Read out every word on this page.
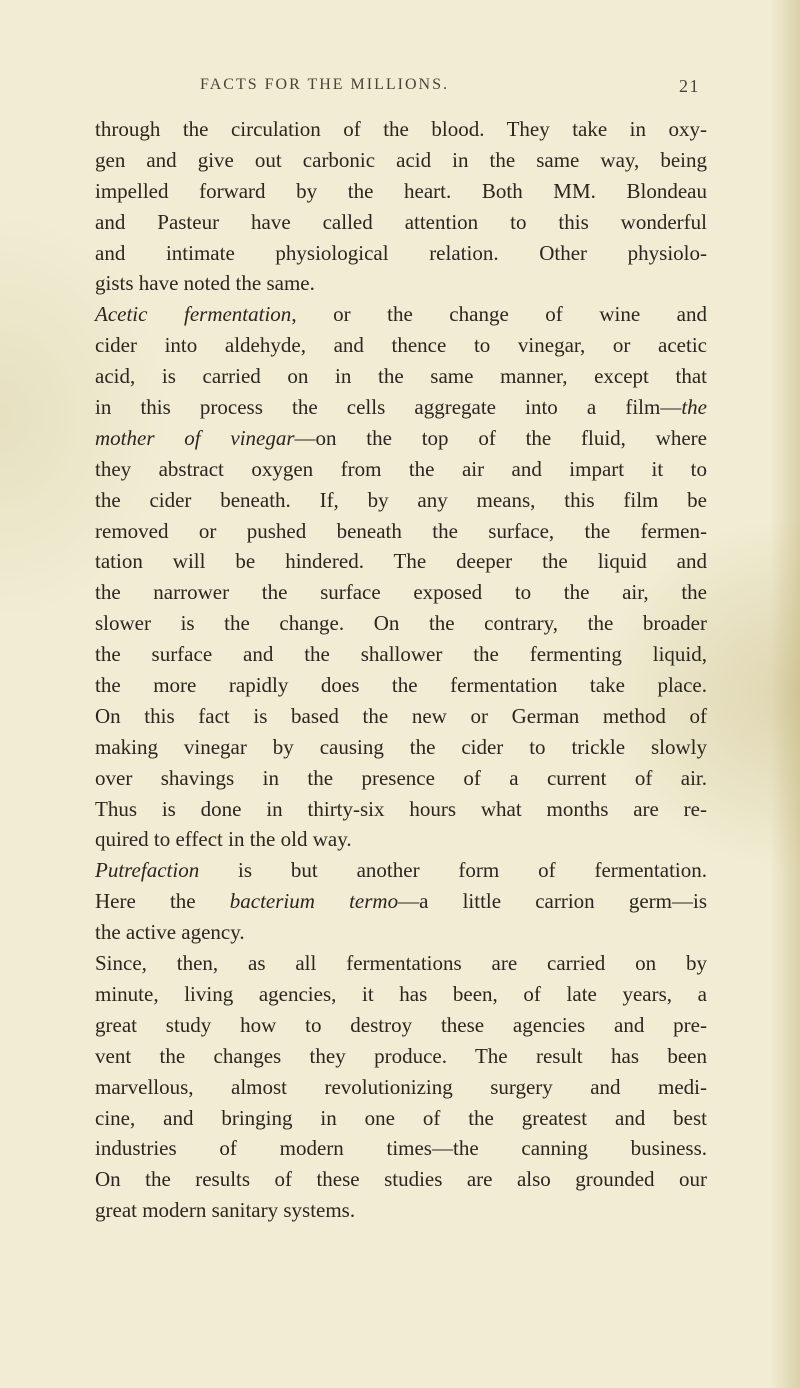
FACTS FOR THE MILLIONS.	21
through the circulation of the blood. They take in oxy-
gen and give out carbonic acid in the same way, being
impelled forward by the heart. Both MM. Blondeau
and Pasteur have called attention to this wonderful
and intimate physiological relation. Other physiolo-
gists have noted the same.
Acetic fermentation, or the change of wine and
cider into aldehyde, and thence to vinegar, or acetic
acid, is carried on in the same manner, except that
in this process the cells aggregate into a film—the
mother of vinegar—on the top of the fluid, where
they abstract oxygen from the air and impart it to
the cider beneath. If, by any means, this film be
removed or pushed beneath the surface, the fermen-
tation will be hindered. The deeper the liquid and
the narrower the surface exposed to the air, the
slower is the change. On the contrary, the broader
the surface and the shallower the fermenting liquid,
the more rapidly does the fermentation take place.
On this fact is based the new or German method of
making vinegar by causing the cider to trickle slowly
over shavings in the presence of a current of air.
Thus is done in thirty-six hours what months are re-
quired to effect in the old way.
Putrefaction is but another form of fermentation.
Here the bacterium termo—a little carrion germ—is
the active agency.
Since, then, as all fermentations are carried on by
minute, living agencies, it has been, of late years, a
great study how to destroy these agencies and pre-
vent the changes they produce. The result has been
marvellous, almost revolutionizing surgery and medi-
cine, and bringing in one of the greatest and best
industries of modern times—the canning business.
On the results of these studies are also grounded our
great modern sanitary systems.
